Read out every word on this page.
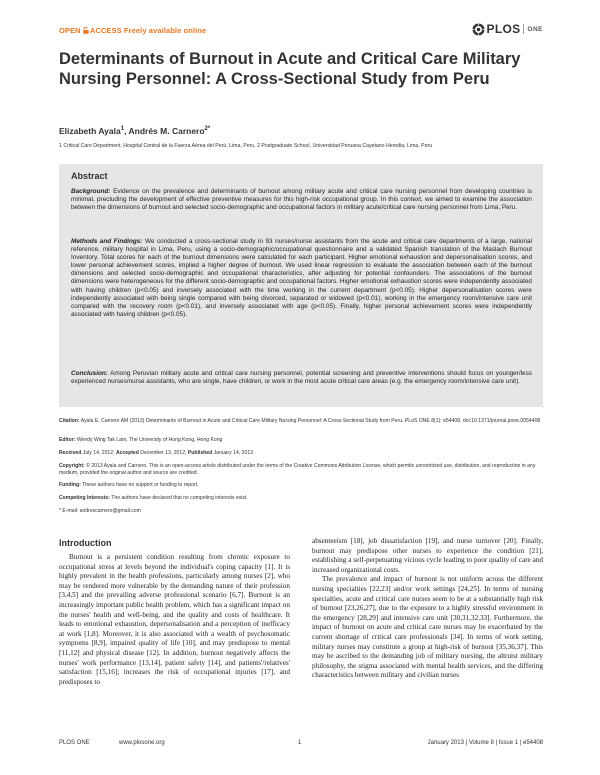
OPEN ACCESS Freely available online	PLOS ONE
Determinants of Burnout in Acute and Critical Care Military Nursing Personnel: A Cross-Sectional Study from Peru
Elizabeth Ayala$^1$, Andrés M. Carnero$^{2*}$
1 Critical Care Department, Hospital Central de la Fuerza Aérea del Perú, Lima, Peru, 2 Postgraduate School, Universidad Peruana Cayetano Heredia, Lima, Peru
Abstract

Background: Evidence on the prevalence and determinants of burnout among military acute and critical care nursing personnel from developing countries is minimal, precluding the development of effective preventive measures for this high-risk occupational group. In this context, we aimed to examine the association between the dimensions of burnout and selected socio-demographic and occupational factors in military acute/critical care nursing personnel from Lima, Peru.

Methods and Findings: We conducted a cross-sectional study in 93 nurses/nurse assistants from the acute and critical care departments of a large, national reference, military hospital in Lima, Peru, using a socio-demographic/occupational questionnaire and a validated Spanish translation of the Maslach Burnout Inventory. Total scores for each of the burnout dimensions were calculated for each participant. Higher emotional exhaustion and depersonalisation scores, and lower personal achievement scores, implied a higher degree of burnout. We used linear regression to evaluate the association between each of the burnout dimensions and selected socio-demographic and occupational characteristics, after adjusting for potential confounders. The associations of the burnout dimensions were heterogeneous for the different socio-demographic and occupational factors. Higher emotional exhaustion scores were independently associated with having children (p<0.05) and inversely associated with the time working in the current department (p<0.05). Higher depersonalisation scores were independently associated with being single compared with being divorced, separated or widowed (p<0.01), working in the emergency room/intensive care unit compared with the recovery room (p<0.01), and inversely associated with age (p<0.05). Finally, higher personal achievement scores were independently associated with having children (p<0.05).

Conclusion: Among Peruvian military acute and critical care nursing personnel, potential screening and preventive interventions should focus on younger/less experienced nurses/nurse assistants, who are single, have children, or work in the most acute critical care areas (e.g. the emergency room/intensive care unit).

Citation: Ayala E, Carnero AM (2013) Determinants of Burnout in Acute and Critical Care Military Nursing Personnel: A Cross-Sectional Study from Peru. PLoS ONE 8(1): e54408. doi:10.1371/journal.pone.0054408
Editor: Wendy Wing Tak Lam, The University of Hong Kong, Hong Kong
Received July 14, 2012; Accepted December 13, 2012; Published January 14, 2013
Copyright: © 2013 Ayala and Carnero. This is an open-access article distributed under the terms of the Creative Commons Attribution License, which permits unrestricted use, distribution, and reproduction in any medium, provided the original author and source are credited.
Funding: These authors have no support or funding to report.
Competing Interests: The authors have declared that no competing interests exist.
* E-mail: andrescarnero@gmail.com
Introduction

Burnout is a persistent condition resulting from chronic exposure to occupational stress at levels beyond the individual's coping capacity [1]. It is highly prevalent in the health professions, particularly among nurses [2], who may be rendered more vulnerable by the demanding nature of their profession [3,4,5] and the prevailing adverse professional scenario [6,7]. Burnout is an increasingly important public health problem, which has a significant impact on the nurses' health and well-being, and the quality and costs of healthcare. It leads to emotional exhaustion, depersonalisation and a perception of inefficacy at work [1,8]. Moreover, it is also associated with a wealth of psychosomatic symptoms [8,9], impaired quality of life [10], and may predispose to mental [11,12] and physical disease [12]. In addition, burnout negatively affects the nurses' work performance [13,14], patient safety [14], and patients'/relatives' satisfaction [15,16]; increases the risk of occupational injuries [17], and predisposes to

absenteeism [18], job dissatisfaction [19], and nurse turnover [20]. Finally, burnout may predispose other nurses to experience the condition [21], establishing a self-perpetuating vicious cycle leading to poor quality of care and increased organizational costs.

The prevalence and impact of burnout is not uniform across the different nursing specialties [22,23] and/or work settings [24,25]. In terms of nursing specialties, acute and critical care nurses seem to be at a substantially high risk of burnout [23,26,27], due to the exposure to a highly stressful environment in the emergency [28,29] and intensive care unit [30,31,32,33]. Furthermore, the impact of burnout on acute and critical care nurses may be exacerbated by the current shortage of critical care professionals [34]. In terms of work setting, military nurses may constitute a group at high-risk of burnout [35,36,37]. This may be ascribed to the demanding job of military nursing, the altruist military philosophy, the stigma associated with mental health services, and the differing characteristics between military and civilian nurses

PLOS ONE	www.plosone.org	1	January 2013 | Volume 8 | Issue 1 | e54408
